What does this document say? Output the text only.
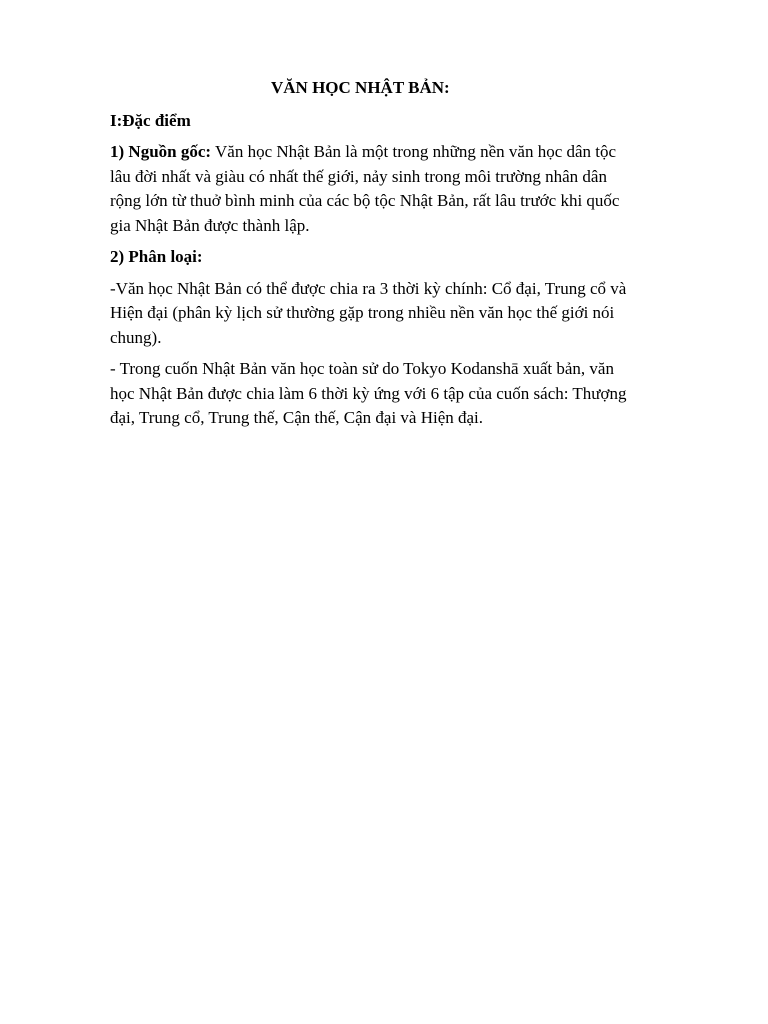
VĂN HỌC NHẬT BẢN:
I:Đặc điểm
1) Nguồn gốc: Văn học Nhật Bản là một trong những nền văn học dân tộc lâu đời nhất và giàu có nhất thế giới, nảy sinh trong môi trường nhân dân rộng lớn từ thuở bình minh của các bộ tộc Nhật Bản, rất lâu trước khi quốc gia Nhật Bản được thành lập.
2) Phân loại:
-Văn học Nhật Bản có thể được chia ra 3 thời kỳ chính: Cổ đại, Trung cổ và Hiện đại (phân kỳ lịch sử thường gặp trong nhiều nền văn học thế giới nói chung).
- Trong cuốn Nhật Bản văn học toàn sử do Tokyo Kodanshā xuất bản, văn học Nhật Bản được chia làm 6 thời kỳ ứng với 6 tập của cuốn sách: Thượng đại, Trung cổ, Trung thế, Cận thế, Cận đại và Hiện đại.
